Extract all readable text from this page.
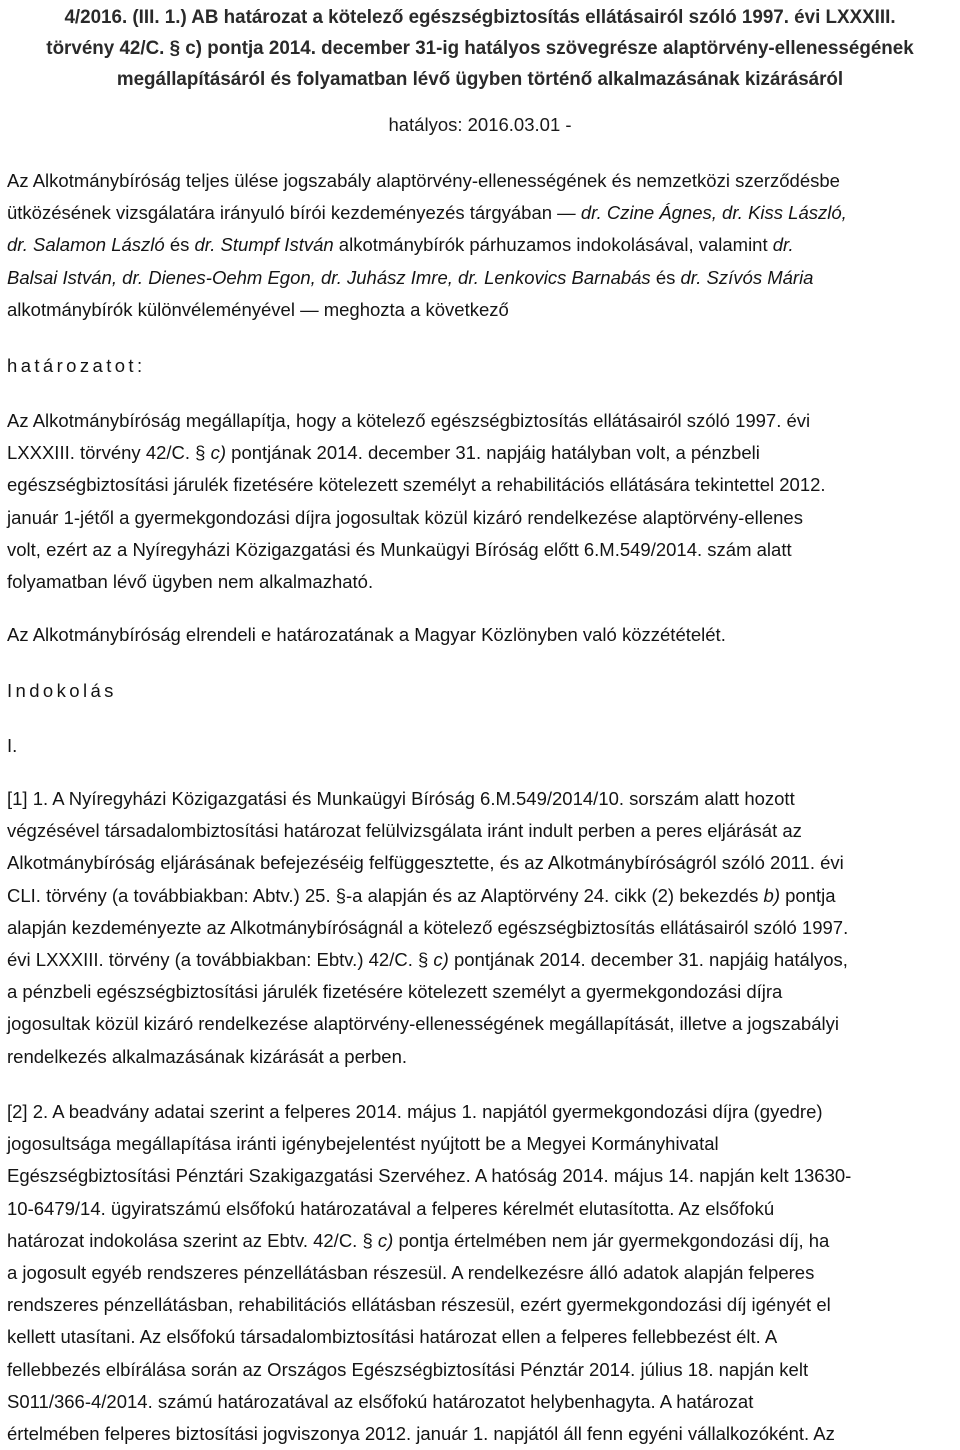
4/2016. (III. 1.) AB határozat a kötelező egészségbiztosítás ellátásairól szóló 1997. évi LXXXIII.
törvény 42/C. § c) pontja 2014. december 31-ig hatályos szövegrésze alaptörvény-ellenességének
megállapításáról és folyamatban lévő ügyben történő alkalmazásának kizárásáról
hatályos: 2016.03.01 -
Az Alkotmánybíróság teljes ülése jogszabály alaptörvény-ellenességének és nemzetközi szerződésbe
ütközésének vizsgálatára irányuló bírói kezdeményezés tárgyában — dr. Czine Ágnes, dr. Kiss László,
dr. Salamon László és dr. Stumpf István alkotmánybírók párhuzamos indokolásával, valamint dr.
Balsai István, dr. Dienes-Oehm Egon, dr. Juhász Imre, dr. Lenkovics Barnabás és dr. Szívós Mária
alkotmánybírók különvéleményével — meghozta a következő
határozatot:
Az Alkotmánybíróság megállapítja, hogy a kötelező egészségbiztosítás ellátásairól szóló 1997. évi
LXXXIII. törvény 42/C. § c) pontjának 2014. december 31. napjáig hatályban volt, a pénzbeli
egészségbiztosítási járulék fizetésére kötelezett személyt a rehabilitációs ellátására tekintettel 2012.
január 1-jétől a gyermekgondozási díjra jogosultak közül kizáró rendelkezése alaptörvény-ellenes
volt, ezért az a Nyíregyházi Közigazgatási és Munkaügyi Bíróság előtt 6.M.549/2014. szám alatt
folyamatban lévő ügyben nem alkalmazható.
Az Alkotmánybíróság elrendeli e határozatának a Magyar Közlönyben való közzétételét.
Indokolás
I.
[1] 1. A Nyíregyházi Közigazgatási és Munkaügyi Bíróság 6.M.549/2014/10. sorszám alatt hozott
végzésével társadalombiztosítási határozat felülvizsgálata iránt indult perben a peres eljárását az
Alkotmánybíróság eljárásának befejezéséig felfüggesztette, és az Alkotmánybíróságról szóló 2011. évi
CLI. törvény (a továbbiakban: Abtv.) 25. §-a alapján és az Alaptörvény 24. cikk (2) bekezdés b) pontja
alapján kezdeményezte az Alkotmánybíróságnál a kötelező egészségbiztosítás ellátásairól szóló 1997.
évi LXXXIII. törvény (a továbbiakban: Ebtv.) 42/C. § c) pontjának 2014. december 31. napjáig hatályos,
a pénzbeli egészségbiztosítási járulék fizetésére kötelezett személyt a gyermekgondozási díjra
jogosultak közül kizáró rendelkezése alaptörvény-ellenességének megállapítását, illetve a jogszabályi
rendelkezés alkalmazásának kizárását a perben.
[2] 2. A beadvány adatai szerint a felperes 2014. május 1. napjától gyermekgondozási díjra (gyedre)
jogosultsága megállapítása iránti igénybejelentést nyújtott be a Megyei Kormányhivatal
Egészségbiztosítási Pénztári Szakigazgatási Szervéhez. A hatóság 2014. május 14. napján kelt 13630-
10-6479/14. ügyiratszámú elsőfokú határozatával a felperes kérelmét elutasította. Az elsőfokú
határozat indokolása szerint az Ebtv. 42/C. § c) pontja értelmében nem jár gyermekgondozási díj, ha
a jogosult egyéb rendszeres pénzellátásban részesül. A rendelkezésre álló adatok alapján felperes
rendszeres pénzellátásban, rehabilitációs ellátásban részesül, ezért gyermekgondozási díj igényét el
kellett utasítani. Az elsőfokú társadalombiztosítási határozat ellen a felperes fellebbezést élt. A
fellebbezés elbírálása során az Országos Egészségbiztosítási Pénztár 2014. július 18. napján kelt
S011/366-4/2014. számú határozatával az elsőfokú határozatot helybenhagyta. A határozat
értelmében felperes biztosítási jogviszonya 2012. január 1. napjától áll fenn egyéni vállalkozóként. Az
